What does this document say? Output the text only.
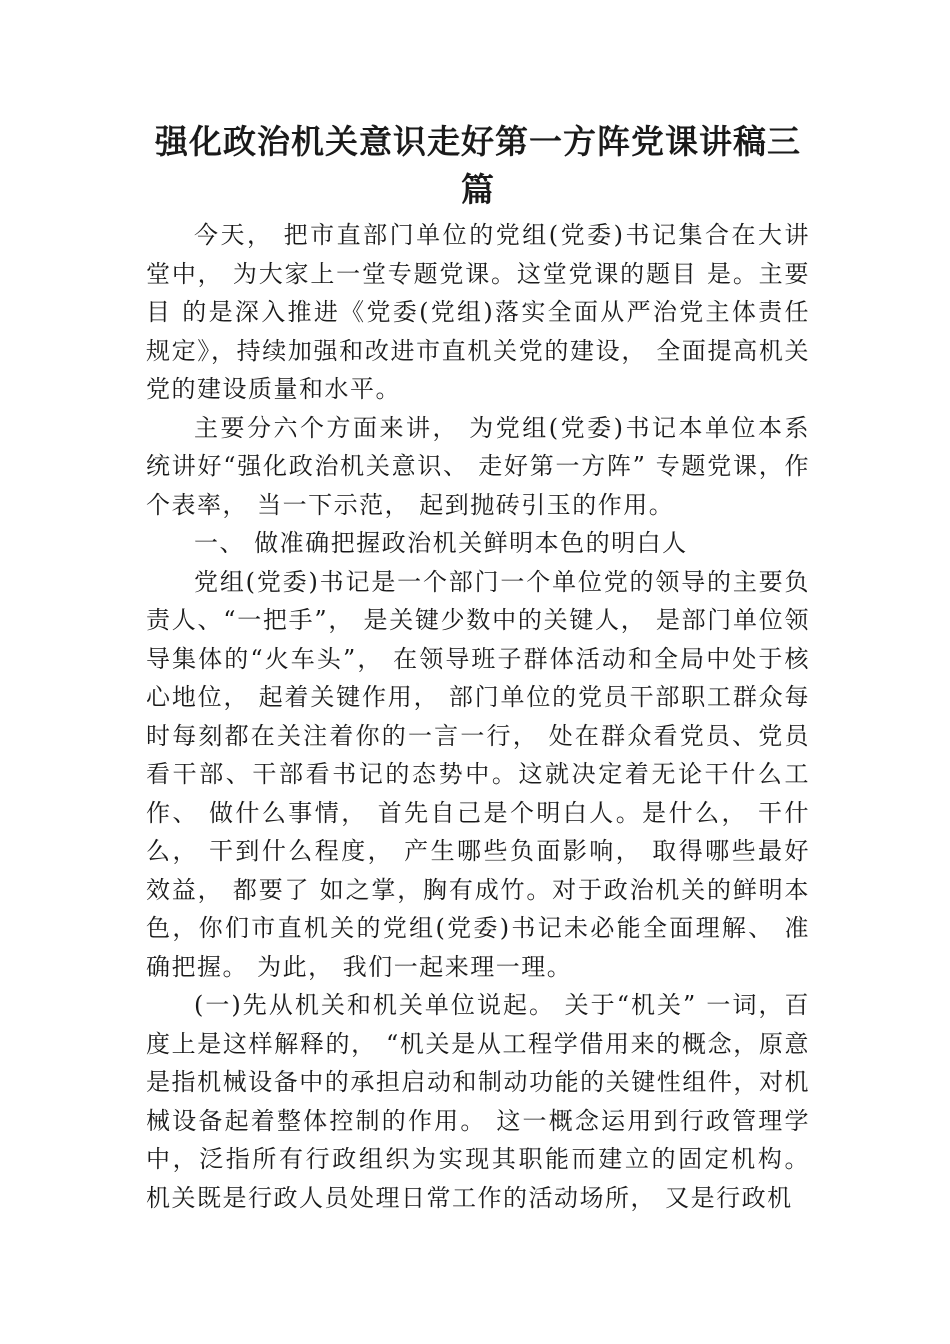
强化政治机关意识走好第一方阵党课讲稿三篇

今天， 把市直部门单位的党组(党委)书记集合在大讲堂中， 为大家上一堂专题党课。这堂党课的题目 是。主要目 的是深入推进《党委(党组)落实全面从严治党主体责任规定》，持续加强和改进市直机关党的建设， 全面提高机关党的建设质量和水平。

主要分六个方面来讲， 为党组(党委)书记本单位本系统讲好“强化政治机关意识、 走好第一方阵” 专题党课，作个表率， 当一下示范， 起到抛砖引玉的作用。

一、 做准确把握政治机关鲜明本色的明白人

党组(党委)书记是一个部门一个单位党的领导的主要负责人、“一把手”， 是关键少数中的关键人， 是部门单位领导集体的“火车头”， 在领导班子群体活动和全局中处于核心地位， 起着关键作用， 部门单位的党员干部职工群众每时每刻都在关注着你的一言一行， 处在群众看党员、党员看干部、干部看书记的态势中。这就决定着无论干什么工作、 做什么事情， 首先自己是个明白人。是什么， 干什么， 干到什么程度， 产生哪些负面影响， 取得哪些最好效益， 都要了 如之掌，胸有成竹。对于政治机关的鲜明本色，你们市直机关的党组(党委)书记未必能全面理解、 准确把握。 为此， 我们一起来理一理。

(一)先从机关和机关单位说起。 关于“机关” 一词，百度上是这样解释的， “机关是从工程学借用来的概念，原意是指机械设备中的承担启动和制动功能的关键性组件，对机械设备起着整体控制的作用。 这一概念运用到行政管理学中，泛指所有行政组织为实现其职能而建立的固定机构。 机关既是行政人员处理日常工作的活动场所， 又是行政机
